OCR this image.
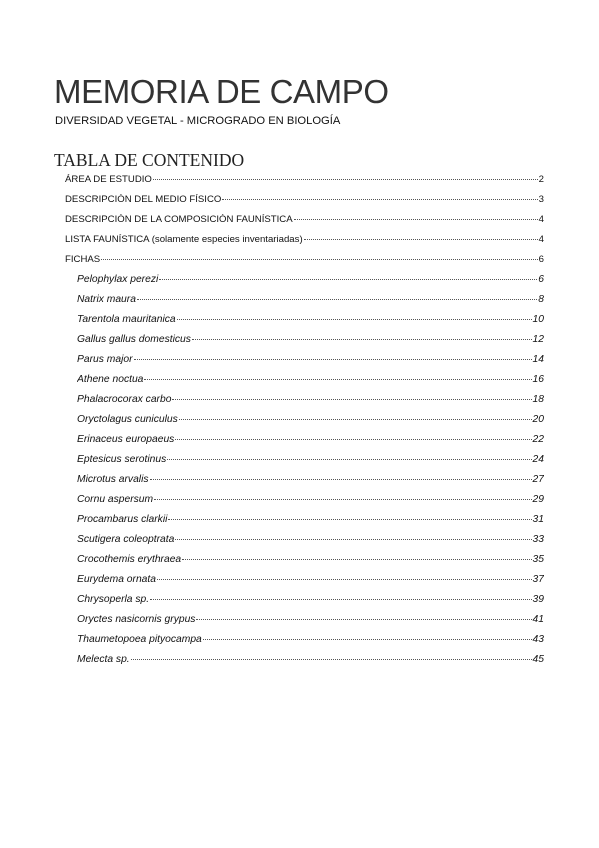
MEMORIA DE CAMPO
DIVERSIDAD VEGETAL - MICROGRADO EN BIOLOGÍA
TABLA DE CONTENIDO
ÁREA DE ESTUDIO	2
DESCRIPCIÓN DEL MEDIO FÍSICO	3
DESCRIPCIÓN DE LA COMPOSICIÓN FAUNÍSTICA	4
LISTA FAUNÍSTICA (solamente especies inventariadas)	4
FICHAS	6
Pelophylax perezi	6
Natrix maura	8
Tarentola mauritanica	10
Gallus gallus domesticus	12
Parus major	14
Athene noctua	16
Phalacrocorax carbo	18
Oryctolagus cuniculus	20
Erinaceus europaeus	22
Eptesicus serotinus	24
Microtus arvalis	27
Cornu aspersum	29
Procambarus clarkii	31
Scutigera coleoptrata	33
Crocothemis erythraea	35
Eurydema ornata	37
Chrysoperla sp.	39
Oryctes nasicornis grypus	41
Thaumetopoea pityocampa	43
Melecta sp.	45
